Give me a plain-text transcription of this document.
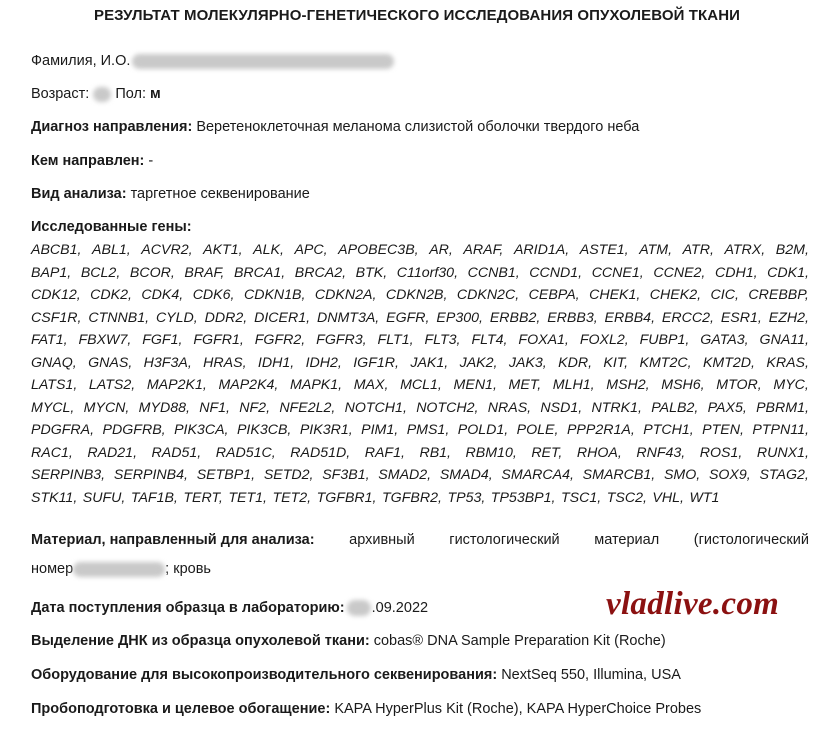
РЕЗУЛЬТАТ МОЛЕКУЛЯРНО-ГЕНЕТИЧЕСКОГО ИССЛЕДОВАНИЯ ОПУХОЛЕВОЙ ТКАНИ
Фамилия, И.О.
Возраст: Пол: м
Диагноз направления: Веретеноклеточная меланома слизистой оболочки твердого неба
Кем направлен: -
Вид анализа: таргетное секвенирование
Исследованные гены:
ABCB1, ABL1, ACVR2, AKT1, ALK, APC, APOBEC3B, AR, ARAF, ARID1A, ASTE1, ATM, ATR, ATRX, B2M,
BAP1, BCL2, BCOR, BRAF, BRCA1, BRCA2, BTK, C11orf30, CCNB1, CCND1, CCNE1, CCNE2, CDH1, CDK1,
CDK12, CDK2, CDK4, CDK6, CDKN1B, CDKN2A, CDKN2B, CDKN2C, CEBPA, CHEK1, CHEK2, CIC, CREBBP,
CSF1R, CTNNB1, CYLD, DDR2, DICER1, DNMT3A, EGFR, EP300, ERBB2, ERBB3, ERBB4, ERCC2, ESR1, EZH2,
FAT1, FBXW7, FGF1, FGFR1, FGFR2, FGFR3, FLT1, FLT3, FLT4, FOXA1, FOXL2, FUBP1, GATA3, GNA11,
GNAQ, GNAS, H3F3A, HRAS, IDH1, IDH2, IGF1R, JAK1, JAK2, JAK3, KDR, KIT, KMT2C, KMT2D, KRAS,
LATS1, LATS2, MAP2K1, MAP2K4, MAPK1, MAX, MCL1, MEN1, MET, MLH1, MSH2, MSH6, MTOR, MYC,
MYCL, MYCN, MYD88, NF1, NF2, NFE2L2, NOTCH1, NOTCH2, NRAS, NSD1, NTRK1, PALB2, PAX5, PBRM1,
PDGFRA, PDGFRB, PIK3CA, PIK3CB, PIK3R1, PIM1, PMS1, POLD1, POLE, PPP2R1A, PTCH1, PTEN, PTPN11,
RAC1, RAD21, RAD51, RAD51C, RAD51D, RAF1, RB1, RBM10, RET, RHOA, RNF43, ROS1, RUNX1,
SERPINB3, SERPINB4, SETBP1, SETD2, SF3B1, SMAD2, SMAD4, SMARCA4, SMARCB1, SMO, SOX9, STAG2,
STK11, SUFU, TAF1B, TERT, TET1, TET2, TGFBR1, TGFBR2, TP53, TP53BP1, TSC1, TSC2, VHL, WT1
Материал, направленный для анализа: архивный гистологический материал (гистологический
номер	; кровь
Дата поступления образца в лабораторию: .09.2022
Выделение ДНК из образца опухолевой ткани: cobas® DNA Sample Preparation Kit (Roche)
Оборудование для высокопроизводительного секвенирования: NextSeq 550, Illumina, USA
Пробоподготовка и целевое обогащение: KAPA HyperPlus Kit (Roche), KAPA HyperChoice Probes
vladlive.com
